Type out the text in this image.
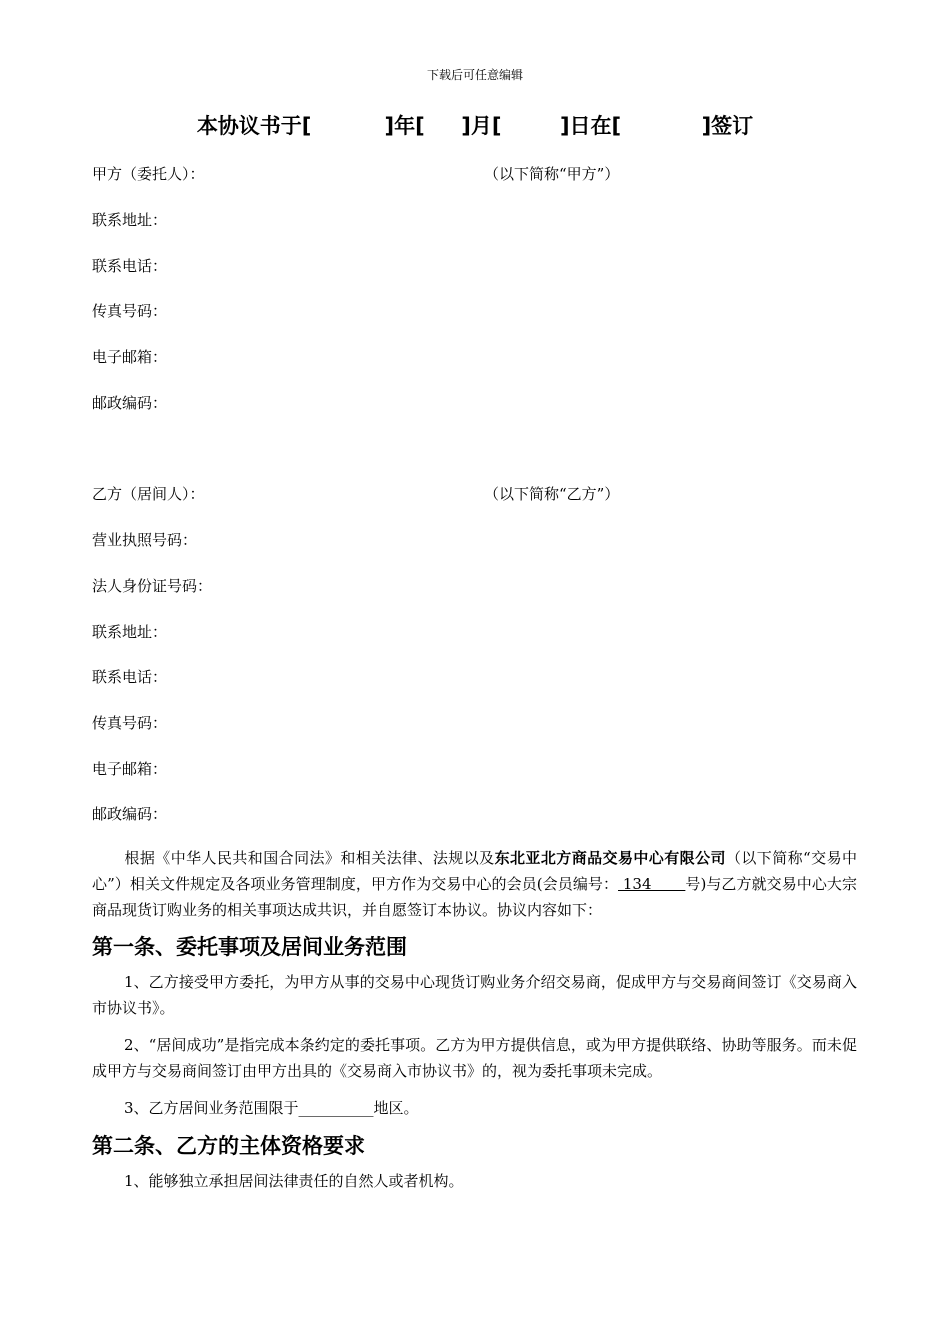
下载后可任意编辑
本协议书于[          ]年[     ]月[        ]日在[           ]签订
甲方（委托人）：	（以下简称“甲方”）
联系地址：
联系电话：
传真号码：
电子邮箱：
邮政编码：
乙方（居间人）：	（以下简称“乙方”）
营业执照号码：
法人身份证号码：
联系地址：
联系电话：
传真号码：
电子邮箱：
邮政编码：
根据《中华人民共和国合同法》和相关法律、法规以及东北亚北方商品交易中心有限公司（以下简称“交易中心”）相关文件规定及各项业务管理制度，甲方作为交易中心的会员(会员编号： 134       号)与乙方就交易中心大宗商品现货订购业务的相关事项达成共识，并自愿签订本协议。协议内容如下：
第一条、委托事项及居间业务范围
1、乙方接受甲方委托，为甲方从事的交易中心现货订购业务介绍交易商，促成甲方与交易商间签订《交易商入市协议书》。
2、“居间成功”是指完成本条约定的委托事项。乙方为甲方提供信息，或为甲方提供联络、协助等服务。而未促成甲方与交易商间签订由甲方出具的《交易商入市协议书》的，视为委托事项未完成。
3、乙方居间业务范围限于__________地区。
第二条、乙方的主体资格要求
1、能够独立承担居间法律责任的自然人或者机构。
